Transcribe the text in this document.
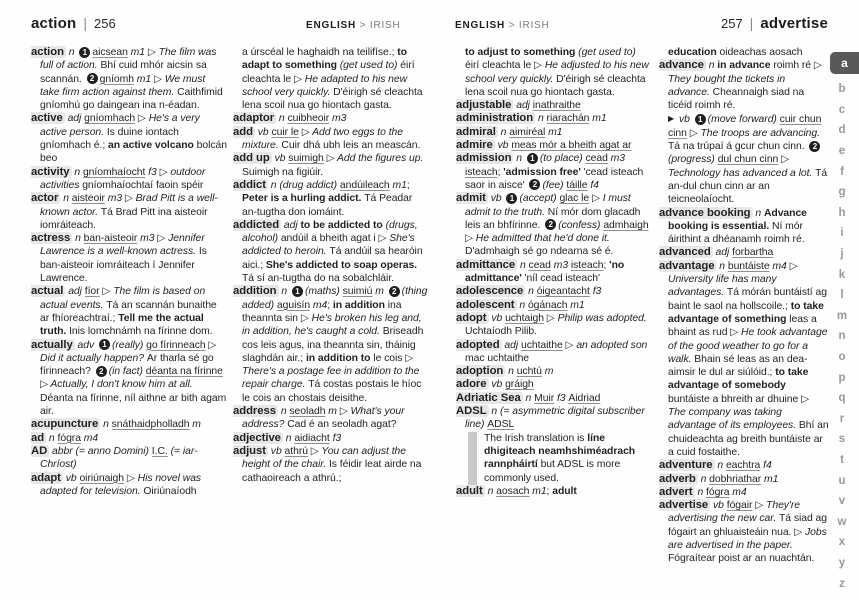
action | 256	ENGLISH > IRISH	ENGLISH > IRISH	257 | advertise
action n 1 aicsean m1 ▷ The film was full of action. Bhí cuid mhór aicsin sa scannán. 2 gníomh m1 ▷ We must take firm action against them. Caithfimid gníomhú go daingean ina n-éadan.
active adj gníomhach ▷ He's a very active person. Is duine iontach gníomhach é.; an active volcano bolcán beo
activity n gníomhaíocht f3 ▷ outdoor activities gníomhaíochtaí faoin spéir
actor n aisteoir m3 ▷ Brad Pitt is a well-known actor. Tá Brad Pitt ina aisteoir iomráiteach.
actress n ban-aisteoir m3 ▷ Jennifer Lawrence is a well-known actress. Is ban-aisteoir iomráiteach í Jennifer Lawrence.
actual adj fíor ▷ The film is based on actual events. Tá an scannán bunaithe ar fhíoreachtraí.; Tell me the actual truth. Inis lomchnámh na fírinne dom.
actually adv 1 (really) go fírinneach ▷ Did it actually happen? Ar tharla sé go fírinneach? 2 (in fact) déanta na fírinne ▷ Actually, I don't know him at all. Déanta na fírinne, níl aithne ar bith agam air.
acupuncture n snáthaidpholladh m
ad n fógra m4
AD abbr (= anno Domini) I.C. (= iar-Chríost)
adapt vb oiriúnaigh ▷ His novel was adapted for television. Oiriúnaíodh
a úrscéal le haghaidh na teilifíse.; to adapt to something (get used to) éirí cleachta le ▷ He adapted to his new school very quickly. D'éirigh sé cleachta lena scoil nua go hiontach gasta.
adaptor n cuibheoir m3
add vb cuir le ▷ Add two eggs to the mixture. Cuir dhá ubh leis an meascán.
add up vb suimigh ▷ Add the figures up. Suimigh na figiúir.
addict n (drug addict) andúileach m1; Peter is a hurling addict. Tá Peadar an-tugtha don iomáint.
addicted adj to be addicted to (drugs, alcohol) andúil a bheith agat i ▷ She's addicted to heroin. Tá andúil sa hearóin aici.; She's addicted to soap operas. Tá sí an-tugtha do na sobalchláir.
addition n 1 (maths) suimiú m 2 (thing added) aguisín m4; in addition ina theannta sin ▷ He's broken his leg and, in addition, he's caught a cold. Briseadh cos leis agus, ina theannta sin, tháinig slaghdán air.; in addition to le cois ▷ There's a postage fee in addition to the repair charge. Tá costas postais le híoc le cois an chostais deisithe.
address n seoladh m ▷ What's your address? Cad é an seoladh agat?
adjective n aidiacht f3
adjust vb athrú ▷ You can adjust the height of the chair. Is féidir leat airde na cathaoireach a athrú.;
to adjust to something (get used to) éirí cleachta le ▷ He adjusted to his new school very quickly. D'éirigh sé cleachta lena scoil nua go hiontach gasta.
adjustable adj inathraithe
administration n riarachán m1
admiral n aimiréal m1
admire vb meas mór a bheith agat ar
admission n 1 (to place) cead m3 isteach; 'admission free' 'cead isteach saor in aisce' 2 (fee) táille f4
admit vb 1 (accept) glac le ▷ I must admit to the truth. Ní mór dom glacadh leis an bhfírinne. 2 (confess) admhaigh ▷ He admitted that he'd done it. D'admhaigh sé go ndearna sé é.
admittance n cead m3 isteach; 'no admittance' 'níl cead isteach'
adolescence n óigeantacht f3
adolescent n ógánach m1
adopt vb uchtaigh ▷ Philip was adopted. Uchtaíodh Pilib.
adopted adj uchtaithe ▷ an adopted son mac uchtaithe
adoption n uchtú m
adore vb gráigh
Adriatic Sea n Muir f3 Aidriad
ADSL n (= asymmetric digital subscriber line) ADSL
The Irish translation is líne dhigiteach neamhshiméadrach rannpháirtí but ADSL is more commonly used.
adult n aosach m1; adult
education oideachas aosach
advance n in advance roimh ré ▷ They bought the tickets in advance. Cheannaigh siad na ticéid roimh ré.
▶ vb 1 (move forward) cuir chun cinn ▷ The troops are advancing. Tá na trúpaí á gcur chun cinn. 2(progress) dul chun cinn ▷ Technology has advanced a lot. Tá an-dul chun cinn ar an teicneolaíocht.
advance booking n Advance booking is essential. Ní mór áirithint a dhéanamh roimh ré.
advanced adj forbartha
advantage n buntáiste m4 ▷ University life has many advantages. Tá mórán buntáistí ag baint le saol na hollscoile.; to take advantage of something leas a bhaint as rud ▷ He took advantage of the good weather to go for a walk. Bhain sé leas as an dea-aimsir le dul ar siúlóid.; to take advantage of somebody buntáiste a bhreith ar dhuine ▷ The company was taking advantage of its employees. Bhí an chuideachta ag breith buntáiste ar a cuid fostaithe.
adventure n eachtra f4
adverb n dobhriathar m1
advert n fógra m4
advertise vb fógair ▷ They're advertising the new car. Tá siad ag fógairt an ghluaisteáin nua. ▷ Jobs are advertised in the paper. Fógraítear poist ar an nuachtán.
a
b
c
d
e
f
g
h
i
j
k
l
m
n
o
p
q
r
s
t
u
v
w
x
y
z
